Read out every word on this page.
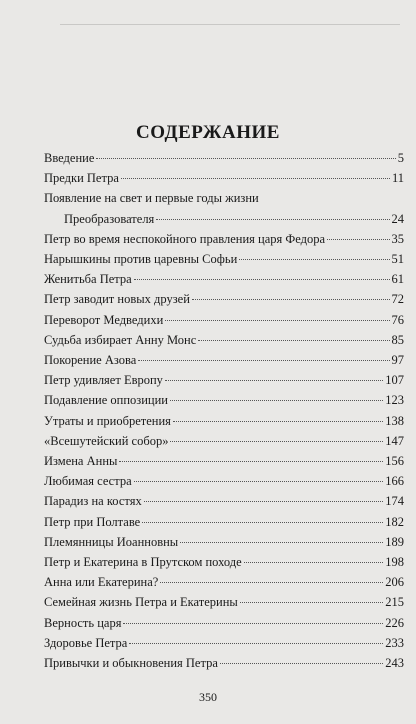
СОДЕРЖАНИЕ
Введение	5
Предки Петра	11
Появление на свет и первые годы жизни
Преобразователя	24
Петр во время неспокойного правления царя Федора	35
Нарышкины против царевны Софьи	51
Женитьба Петра	61
Петр заводит новых друзей	72
Переворот Медведихи	76
Судьба избирает Анну Монс	85
Покорение Азова	97
Петр удивляет Европу	107
Подавление оппозиции	123
Утраты и приобретения	138
«Всешутейский собор»	147
Измена Анны	156
Любимая сестра	166
Парадиз на костях	174
Петр при Полтаве	182
Племянницы Иоанновны	189
Петр и Екатерина в Прутском походе	198
Анна или Екатерина?	206
Семейная жизнь Петра и Екатерины	215
Верность царя	226
Здоровье Петра	233
Привычки и обыкновения Петра	243
350
